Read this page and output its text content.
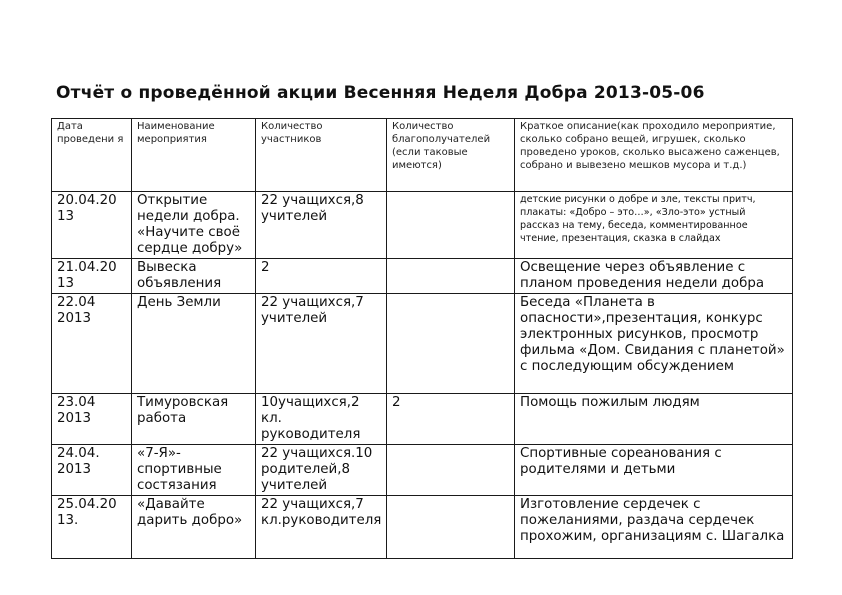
Отчёт о проведённой акции Весенняя Неделя Добра 2013-05-06
Дата проведени я	Наименование мероприятия	Количество участников	Количество благополучателей (если таковые имеются)	Краткое описание(как проходило мероприятие, сколько собрано вещей, игрушек, сколько проведено уроков, сколько высажено саженцев, собрано и вывезено мешков мусора и т.д.)
20.04.20 13	Открытие недели добра. «Научите своё сердце добру»	22 учащихся,8 учителей		детские рисунки о добре и зле, тексты притч, плакаты: «Добро – это…», «Зло-это» устный рассказ на тему, беседа, комментированное чтение, презентация, сказка в слайдах
21.04.20 13	Вывеска объявления	2		Освещение через объявление с планом проведения недели добра
22.04 2013	День Земли	22 учащихся,7 учителей		Беседа «Планета в опасности»,презентация, конкурс электронных рисунков, просмотр фильма «Дом. Свидания с планетой» с последующим обсуждением
23.04 2013	Тимуровская работа	10учащихся,2 кл. руководителя	2	Помощь пожилым людям
24.04. 2013	«7-Я»- спортивные состязания	22 учащихся.10 родителей,8 учителей		Спортивные сореанования с родителями и детьми
25.04.20 13.	«Давайте дарить добро»	22 учащихся,7 кл.руководителя		Изготовление сердечек с пожеланиями, раздача сердечек прохожим, организациям с. Шагалка
